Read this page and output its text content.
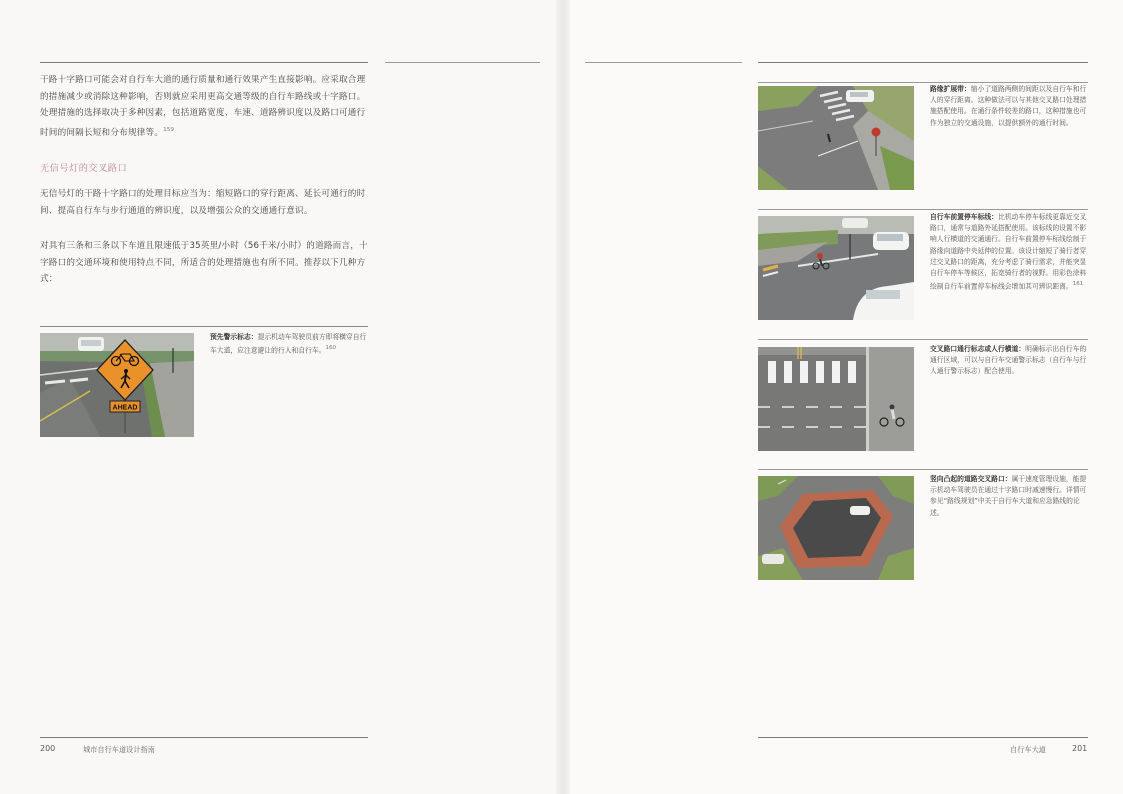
干路十字路口可能会对自行车大道的通行质量和通行效果产生直接影响。应采取合理的措施减少或消除这种影响，否则就应采用更高交通等级的自行车路线或十字路口。处理措施的选择取决于多种因素，包括道路宽度、车速、道路辨识度以及路口可通行时间的间隔长短和分布规律等。$^{159}$
无信号灯的交叉路口
无信号灯的干路十字路口的处理目标应当为：缩短路口的穿行距离、延长可通行的时间、提高自行车与步行通道的辨识度，以及增强公众的交通通行意识。
对具有三条和三条以下车道且限速低于35英里/小时（56千米/小时）的道路而言，十字路口的交通环境和使用特点不同，所适合的处理措施也有所不同。推荐以下几种方式：
AHEAD
预先警示标志：提示机动车驾驶员前方即将横穿自行车大道，应注意避让的行人和自行车。$^{160}$
200	城市自行车道设计指南
路缘扩展带：缩小了道路两侧的间距以及自行车和行人的穿行距离。这种做法可以与其他交叉路口处理措施搭配使用。在通行条件较差的路口，这种措施也可作为独立的交通设施，以提供额外的通行时间。
自行车前置停车标线：比机动车停车标线更靠近交叉路口，通常与道路外延搭配使用。该标线的设置不影响人行横道的交通通行。自行车前置停车标线绘制于路缘向道路中央延伸的位置。该设计缩短了骑行者穿过交叉路口的距离，充分考虑了骑行需求，并能突显自行车停车等候区，拓宽骑行者的视野。用彩色涂料绘制自行车前置停车标线会增加其可辨识距离。$^{161}$
交叉路口通行标志或人行横道：明确标示出自行车的通行区域，可以与自行车交通警示标志（自行车与行人通行警示标志）配合使用。
竖向凸起的道路交叉路口：属于速度管理设施，能提示机动车驾驶员在通过十字路口时减速慢行。详情可参见“路线规划”中关于自行车大道和应急路线的论述。
自行车大道	201
